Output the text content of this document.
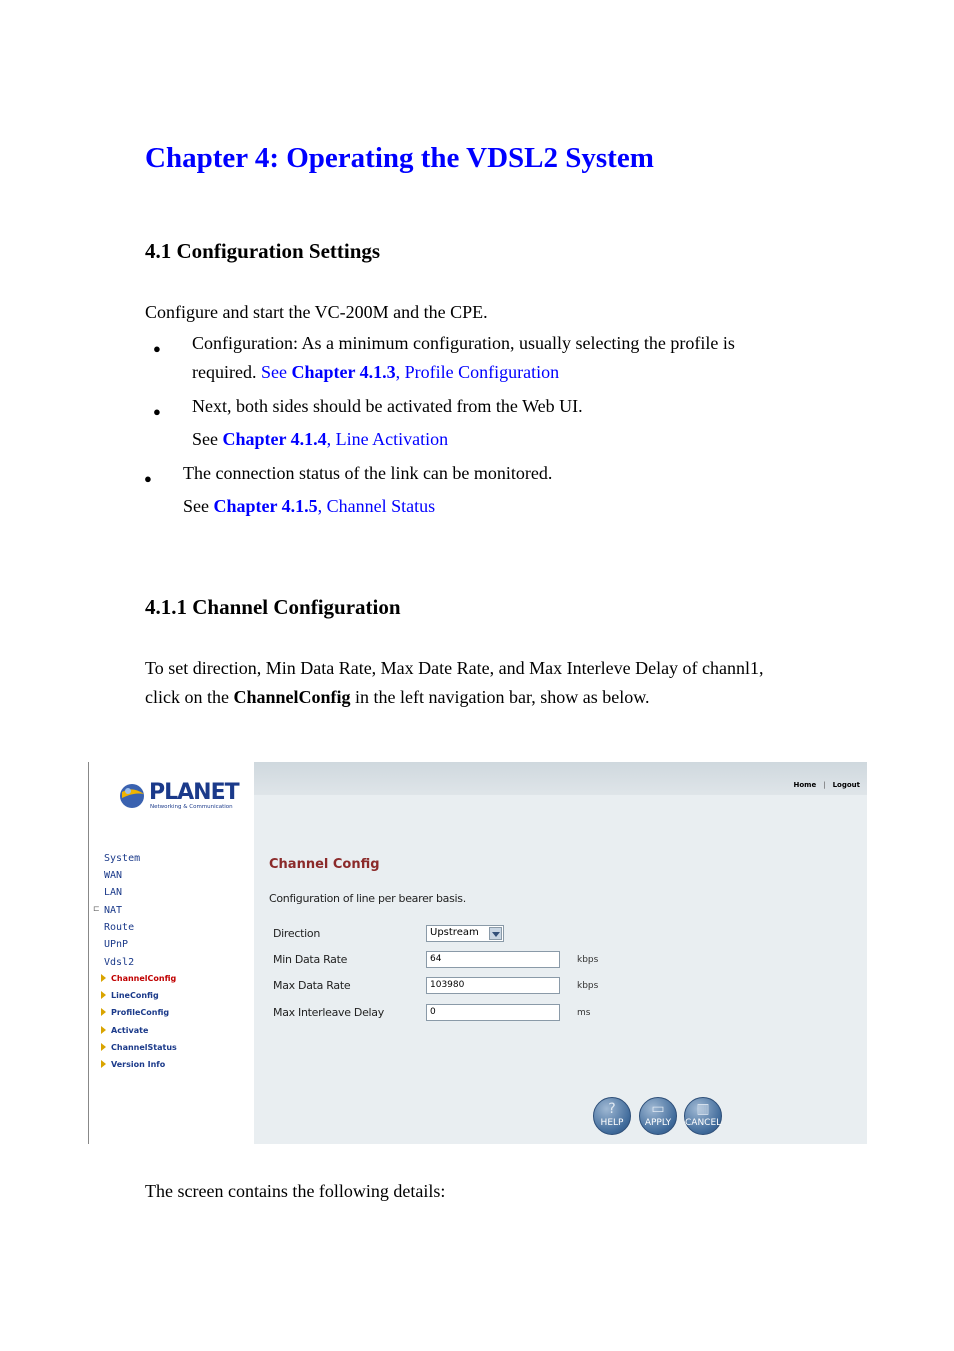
Chapter 4: Operating the VDSL2 System
4.1 Configuration Settings
Configure and start the VC-200M and the CPE.
● Configuration: As a minimum configuration, usually selecting the profile is
required. See Chapter 4.1.3, Profile Configuration
● Next, both sides should be activated from the Web UI.
See Chapter 4.1.4, Line Activation
● The connection status of the link can be monitored.
See Chapter 4.1.5, Channel Status
4.1.1 Channel Configuration
To set direction, Min Data Rate, Max Date Rate, and Max Interleve Delay of channl1,
click on the ChannelConfig in the left navigation bar, show as below.
PLANET
Networking & Communication
⊏
System
WAN
LAN
NAT
Route
UPnP
Vdsl2
ChannelConfig
LineConfig
ProfileConfig
Activate
ChannelStatus
Version Info
Home | Logout
Channel Config
Configuration of line per bearer basis.
Direction	Upstream
Min Data Rate	64	kbps
Max Data Rate	103980	kbps
Max Interleave Delay	0	ms
?
HELP
▭
APPLY
▥
CANCEL
The screen contains the following details:
